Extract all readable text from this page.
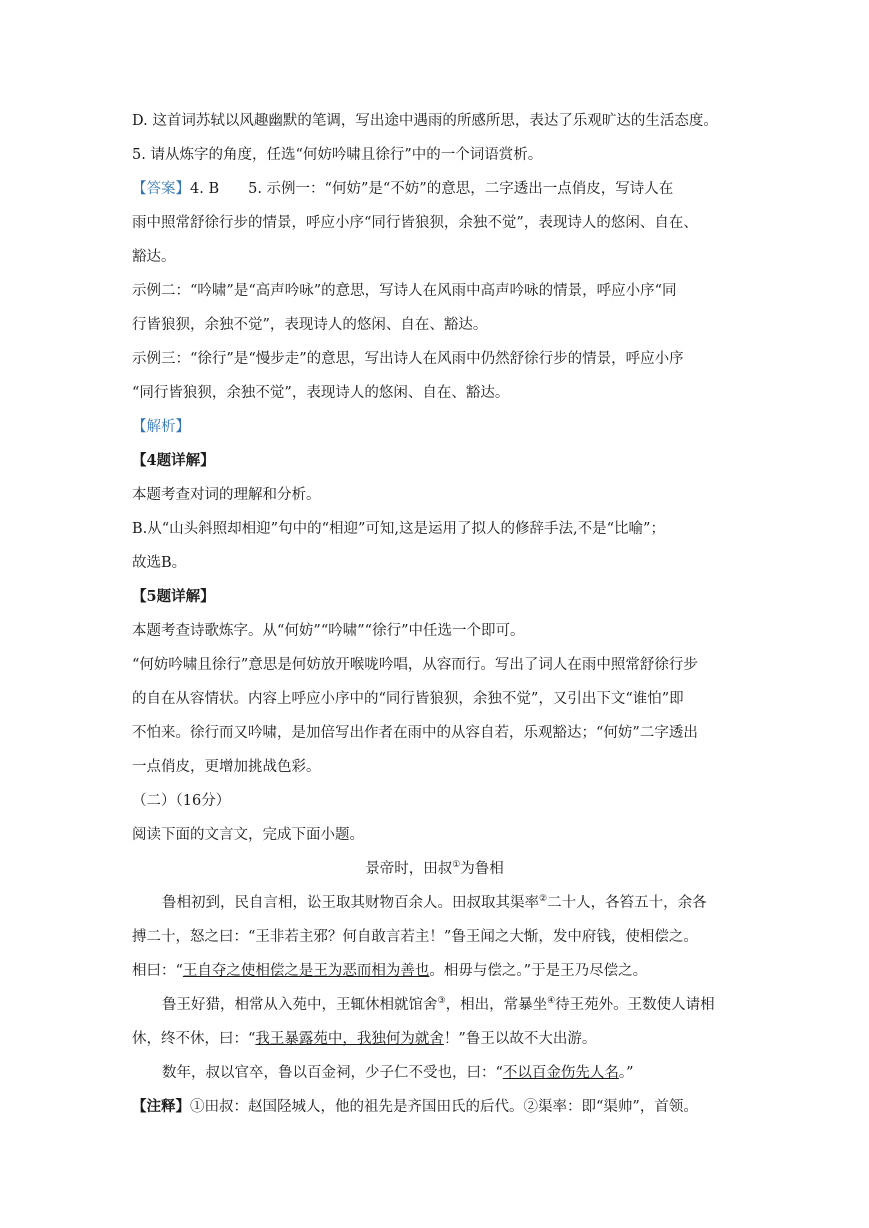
D. 这首词苏轼以风趣幽默的笔调，写出途中遇雨的所感所思，表达了乐观旷达的生活态度。

5. 请从炼字的角度，任选“何妨吟啸且徐行”中的一个词语赏析。

【答案】4. B　　5. 示例一：“何妨”是“不妨”的意思，二字透出一点俏皮，写诗人在

雨中照常舒徐行步的情景，呼应小序“同行皆狼狈，余独不觉”，表现诗人的悠闲、自在、

豁达。

示例二：“吟啸”是“高声吟咏”的意思，写诗人在风雨中高声吟咏的情景，呼应小序“同

行皆狼狈，余独不觉”，表现诗人的悠闲、自在、豁达。

示例三：“徐行”是“慢步走”的意思，写出诗人在风雨中仍然舒徐行步的情景，呼应小序

“同行皆狼狈，余独不觉”，表现诗人的悠闲、自在、豁达。

【解析】

【4题详解】

本题考查对词的理解和分析。

B.从“山头斜照却相迎”句中的“相迎”可知,这是运用了拟人的修辞手法,不是“比喻”；

故选B。

【5题详解】

本题考查诗歌炼字。从“何妨”“吟啸”“徐行”中任选一个即可。

“何妨吟啸且徐行”意思是何妨放开喉咙吟唱，从容而行。写出了词人在雨中照常舒徐行步

的自在从容情状。内容上呼应小序中的“同行皆狼狈，余独不觉”，又引出下文“谁怕”即

不怕来。徐行而又吟啸，是加倍写出作者在雨中的从容自若，乐观豁达；“何妨”二字透出

一点俏皮，更增加挑战色彩。

（二）（16分）

阅读下面的文言文，完成下面小题。

景帝时，田叔①为鲁相

鲁相初到，民自言相，讼王取其财物百余人。田叔取其渠率②二十人，各笞五十，余各

搏二十，怒之曰：“王非若主邪？何自敢言若主！”鲁王闻之大惭，发中府钱，使相偿之。

相曰：“王自夺之使相偿之是王为恶而相为善也。相毋与偿之。”于是王乃尽偿之。

鲁王好猎，相常从入苑中，王辄休相就馆舍③，相出，常暴坐④待王苑外。王数使人请相

休，终不休，曰：“我王暴露苑中，我独何为就舍！”鲁王以故不大出游。

数年，叔以官卒，鲁以百金祠，少子仁不受也，曰：“不以百金伤先人名。”

【注释】①田叔：赵国陉城人，他的祖先是齐国田氏的后代。②渠率：即“渠帅”，首领。
